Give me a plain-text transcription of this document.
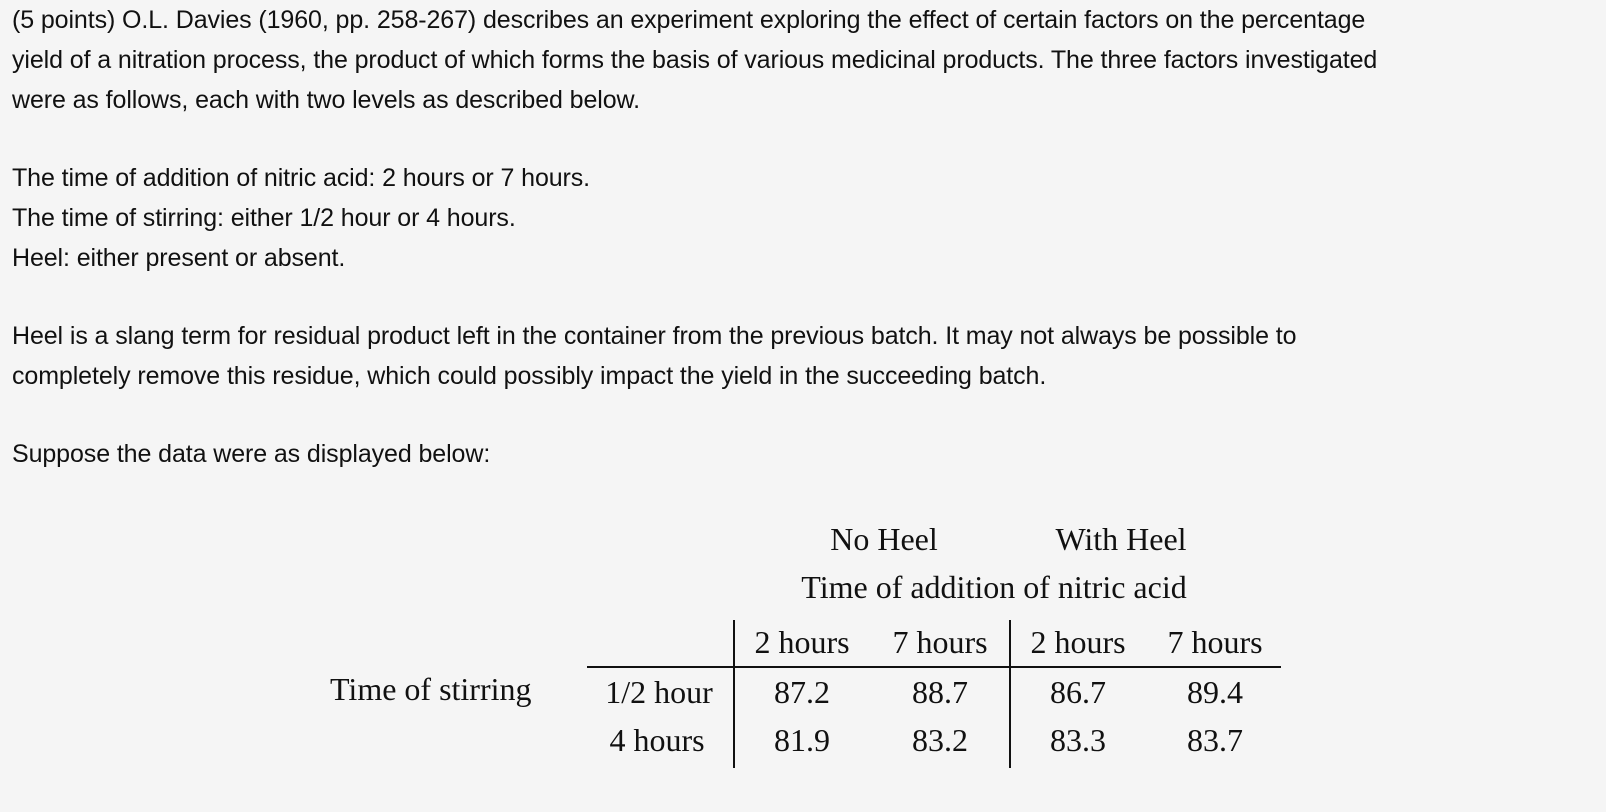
(5 points) O.L. Davies (1960, pp. 258-267) describes an experiment exploring the effect of certain factors on the percentage
yield of a nitration process, the product of which forms the basis of various medicinal products. The three factors investigated
were as follows, each with two levels as described below.

The time of addition of nitric acid: 2 hours or 7 hours.
The time of stirring: either 1/2 hour or 4 hours.
Heel: either present or absent.

Heel is a slang term for residual product left in the container from the previous batch. It may not always be possible to
completely remove this residue, which could possibly impact the yield in the succeeding batch.

Suppose the data were as displayed below:

No Heel	With Heel
Time of addition of nitric acid
2 hours 7 hours 2 hours 7 hours
Time of stirring 1/2 hour 87.2	88.7	86.7	89.4
4 hours 81.9	83.2	83.3	83.7
